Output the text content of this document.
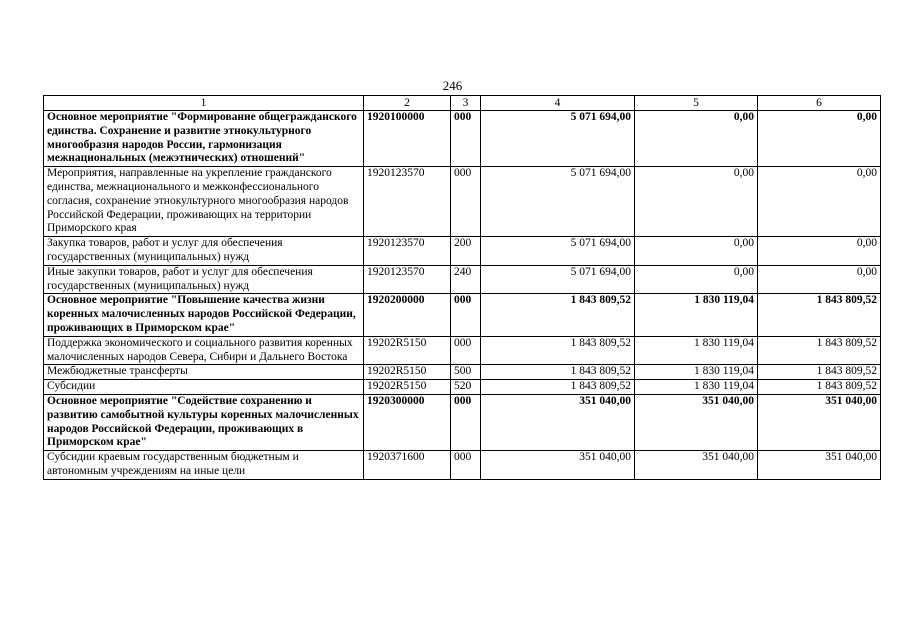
246
1	2	3	4	5	6
Основное мероприятие "Формирование общегражданского единства. Сохранение и развитие этнокультурного многообразия народов России, гармонизация межнациональных (межэтнических) отношений"	1920100000	000	5 071 694,00	0,00	0,00
Мероприятия, направленные на укрепление гражданского единства, межнационального и межконфессионального согласия, сохранение этнокультурного многообразия народов Российской Федерации, проживающих на территории Приморского края	1920123570	000	5 071 694,00	0,00	0,00
Закупка товаров, работ и услуг для обеспечения государственных (муниципальных) нужд	1920123570	200	5 071 694,00	0,00	0,00
Иные закупки товаров, работ и услуг для обеспечения государственных (муниципальных) нужд	1920123570	240	5 071 694,00	0,00	0,00
Основное мероприятие "Повышение качества жизни коренных малочисленных народов Российской Федерации, проживающих в Приморском крае"	1920200000	000	1 843 809,52	1 830 119,04	1 843 809,52
Поддержка экономического и социального развития коренных малочисленных народов Севера, Сибири и Дальнего Востока	19202R5150	000	1 843 809,52	1 830 119,04	1 843 809,52
Межбюджетные трансферты	19202R5150	500	1 843 809,52	1 830 119,04	1 843 809,52
Субсидии	19202R5150	520	1 843 809,52	1 830 119,04	1 843 809,52
Основное мероприятие "Содействие сохранению и развитию самобытной культуры коренных малочисленных народов Российской Федерации, проживающих в Приморском крае"	1920300000	000	351 040,00	351 040,00	351 040,00
Субсидии краевым государственным бюджетным и автономным учреждениям на иные цели	1920371600	000	351 040,00	351 040,00	351 040,00
